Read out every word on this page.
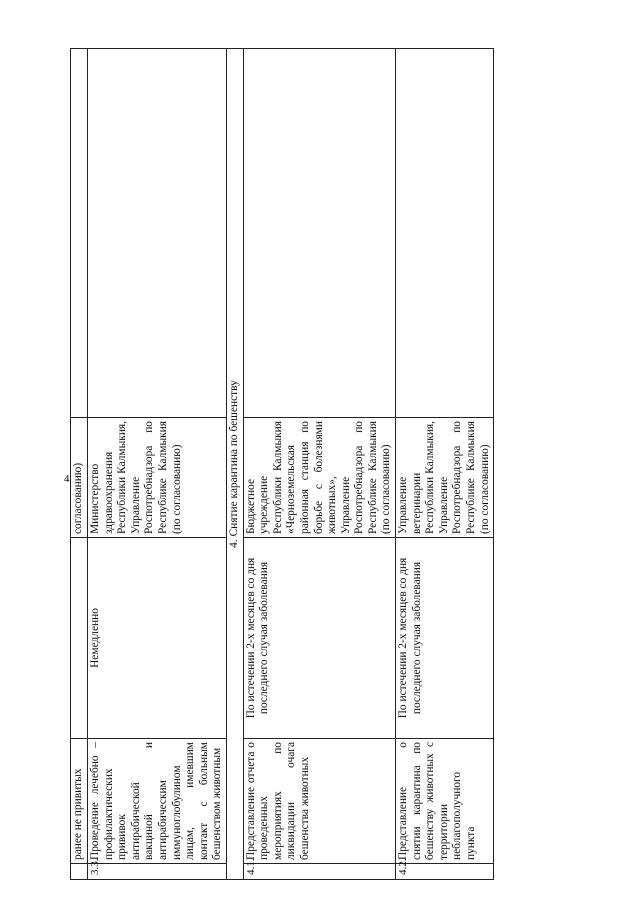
4
	ранее не привитых		согласованию)	
3.3.	Проведение лечебно – профилактических прививок антирабической вакциной и антирабическим иммуноглобулином лицам, имевшим контакт с больным бешенством животным	Немедленно	Министерство здравоохранения Республики Калмыкия, Управление Роспотребнадзора по Республике Калмыкия (по согласованию)	
4. Снятие карантина по бешенству				
4.1.	Представление отчета о проведенных мероприятиях по ликвидации очага бешенства животных	По истечении 2-х месяцев со дня последнего случая заболевания	Бюджетное учреждение Республики Калмыкия «Черноземельская районная станция по борьбе с болезнями животных», Управление Роспотребнадзора по Республике Калмыкия (по согласованию)	
4.2.	Представление о снятии карантина по бешенству животных с территории неблагополучного пункта	По истечении 2-х месяцев со дня последнего случая заболевания	Управление ветеринарии Республики Калмыкия, Управление Роспотребнадзора по Республике Калмыкия (по согласованию)	
